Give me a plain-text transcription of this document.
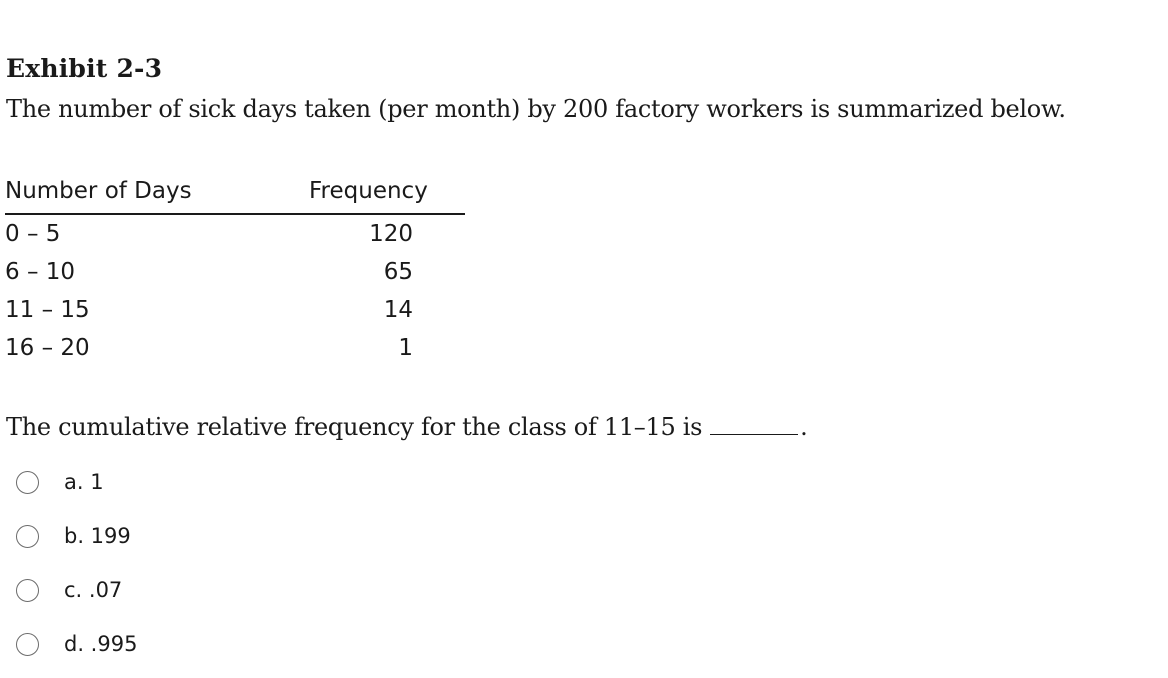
Exhibit 2-3
The number of sick days taken (per month) by 200 factory workers is summarized below.
Number of Days	Frequency
0 – 5	120
6 – 10	65
11 – 15	14
16 – 20	1
The cumulative relative frequency for the class of 11–15 is	.
a. 1
b. 199
c. .07
d. .995
